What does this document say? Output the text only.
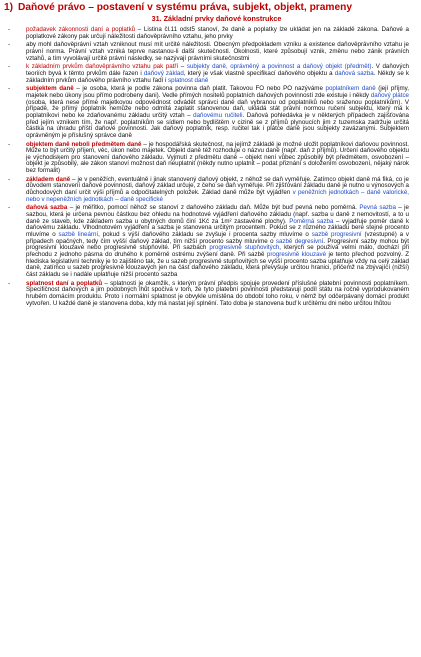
1) Daňové právo – postavení v systému práva, subjekt, objekt, prameny
31. Základní prvky daňové konstrukce
-	požadavek zákonnosti daní a poplatků – Listina čl.11 odst5 stanoví, že daně a poplatky lze ukládat jen na základě zákona. Daňové a poplatkové zákony pak určují náležitosti daňověprávního vztahu, jeho prvky
-	aby mohl daňověprávní vztah vzniknout musí mít určité náležitosti. Obecným předpokladem vzniku a existence daňověprávního vztahu je právní norma. Právní vztah vzniká teprve nastanou-li další skutečnosti. Okolnosti, které způsobují vznik, změnu nebo zánik právních vztahů, a tím vyvolávají určité právní následky, se nazývají právními skutečnostmi
-	k základním prvkům daňověprávního vztahu pak patří – subjekty daně, oprávněný a povinnost a daňový objekt (předmět). V daňových teoriích byvá k těmto prvkům dále řazen i daňový základ, který je však vlastně specifikací daňového objektu a daňová sazba. Někdy se k základním prvkům daňového právního vztahu řadí i splatnost daně
-	subjektem daně – je osoba, která je podle zákona povinna daň platit. Takovou FO nebo PO nazýváme poplatníkem daně (její příjmy, majetek nebo úkony jsou přímo podrobeny dani). Vedle přímých nositelů poplatních daňových povinností zde existuje i někdy daňový plátce (osoba, která nese přímé majetkovou odpovědnost odvádět správci daně daň vybranou od poplatníků nebo sraženou poplatníkům). V případě, že přímý poplatník nemůže nebo odmítá zaplatit stanovenou daň, ukládá stát právní normou ručení subjektu, který má k poplatníkovi nebo ke zdaňovanému základu určitý vztah – daňovému ručiteli. Daňová pohledávka je v některých případech zajišťována před jejím vznikem tím, že např. poplatníkům se sídlem nebo bydlištěm v cizině se z příjmů plynoucích jim z tuzemska zadržuje určitá částka na úhradu příští daňové povinnosti. Jak daňový poplatník, resp. ručitel tak i plátce daně jsou subjekty zavázanými. Subjektem oprávněným je příslušný správce daně
-	objektem daně neboli předmětem daně – je hospodářská skutečnost, na jejímž základě je možné uložit poplatníkovi daňovou povinnost. Může to být určitý příjem, věc, úkon nebo majetek. Objekt daně též rozhoduje o názvu daně (např. daň z příjmů). Určení daňového objektu je východiskem pro stanovení daňového základu. Vyjmutí z předmětu daně – objekt není vůbec způsobilý být předmětem, osvobození – objekt je způsobilý, ale zákon stanoví možnost daň neuplatnit (někdy nutno uplatnit – podat přiznání s doložením osvobození, nějaký nárok bez formalit)
-	základem daně – je v peněžích, eventuálně i jinak stanovený daňový objekt, z něhož se daň vyměřuje. Zatímco objekt daně má fiká, co je důvodem stanovení daňové povinnosti, daňový základ určuje, z čeho se daň vyměřuje. Při zjišťování základu daně je nutno u výnosových a důchodových daní určit výši příjmů a odpočitatelných položek. Základ daně může být vyjádřen v peněžních jednotkách – daně valorické, nebo v nepeněžních jednotkách – daně specifické
-	daňová sazba – je měřítko, pomocí něhož se stanoví z daňového základu daň. Může být buď pevná nebo poměrná. Pevná sazba – je sazbou, která je určena pevnou částkou bez ohledu na hodnotové vyjádření daňového základu (např. sazba u daně z nemovitostí, a to u daně ze staveb, kde základem sazba u obytných domů činí 1Kč za 1m² zastavěné plochy). Poměrná sazba – vyjadřuje poměr daně k daňovému základu. Vlhodnotovém vyjádření a sazba je stanovena určitým procentem. Pokud se z různého základu bere stejné procento mluvíme o sazbě lineární, pokud s výší daňového základu se zvyšuje i procenta sazby mluvíme o sazbě progresivní (vzestupné) a v případech opačných, tedy čím vyšší daňový základ, tím nižší procento sazby mluvíme o sazbě degresivní. Progresivní sazby mohou být progresivní klouzavé nebo progresivně stupňovité. Při sazbách progresivně stupňovitých, kterých se používá velmi málo, dochází při přechodu z jednoho pásma do druhého k poměrně ostrému zvýšení daně. Při sazbě progresivně klouzavé je tento přechod pozvolný. Z hlediska legislativní techniky je to zajištěno tak, že u sazeb progresivně stupňovitých se vyšší procento sazba uplatňuje vždy na celý základ daně, zatímco u sazeb progresivně klouzavých jen na část daňového základu, která převyšuje určitou hranici, přičemž na zbývající (nižší) část základu se i nadále uplatňuje nižší procento sazba
-	splatnost daní a poplatků – splatnosti je okamžik, s kterým právní předpis spojuje provedení příslušné platební povinnosti poplatníkem. Specifičnost daňových a jim podobných lhůt spočívá v tom, že tyto platební povinnosti představují podíl státu na ročně vyprodukovaném hrubém domácím produktu. Proto i normální splatnost je obvykle umístěna do období toho roku, v němž byl odčerpávaný domácí produkt vytvořen. U každé daně je stanovena doba, kdy má nastat její splnění. Tato doba je stanovena buď k určitému dni nebo určitou lhůtou
